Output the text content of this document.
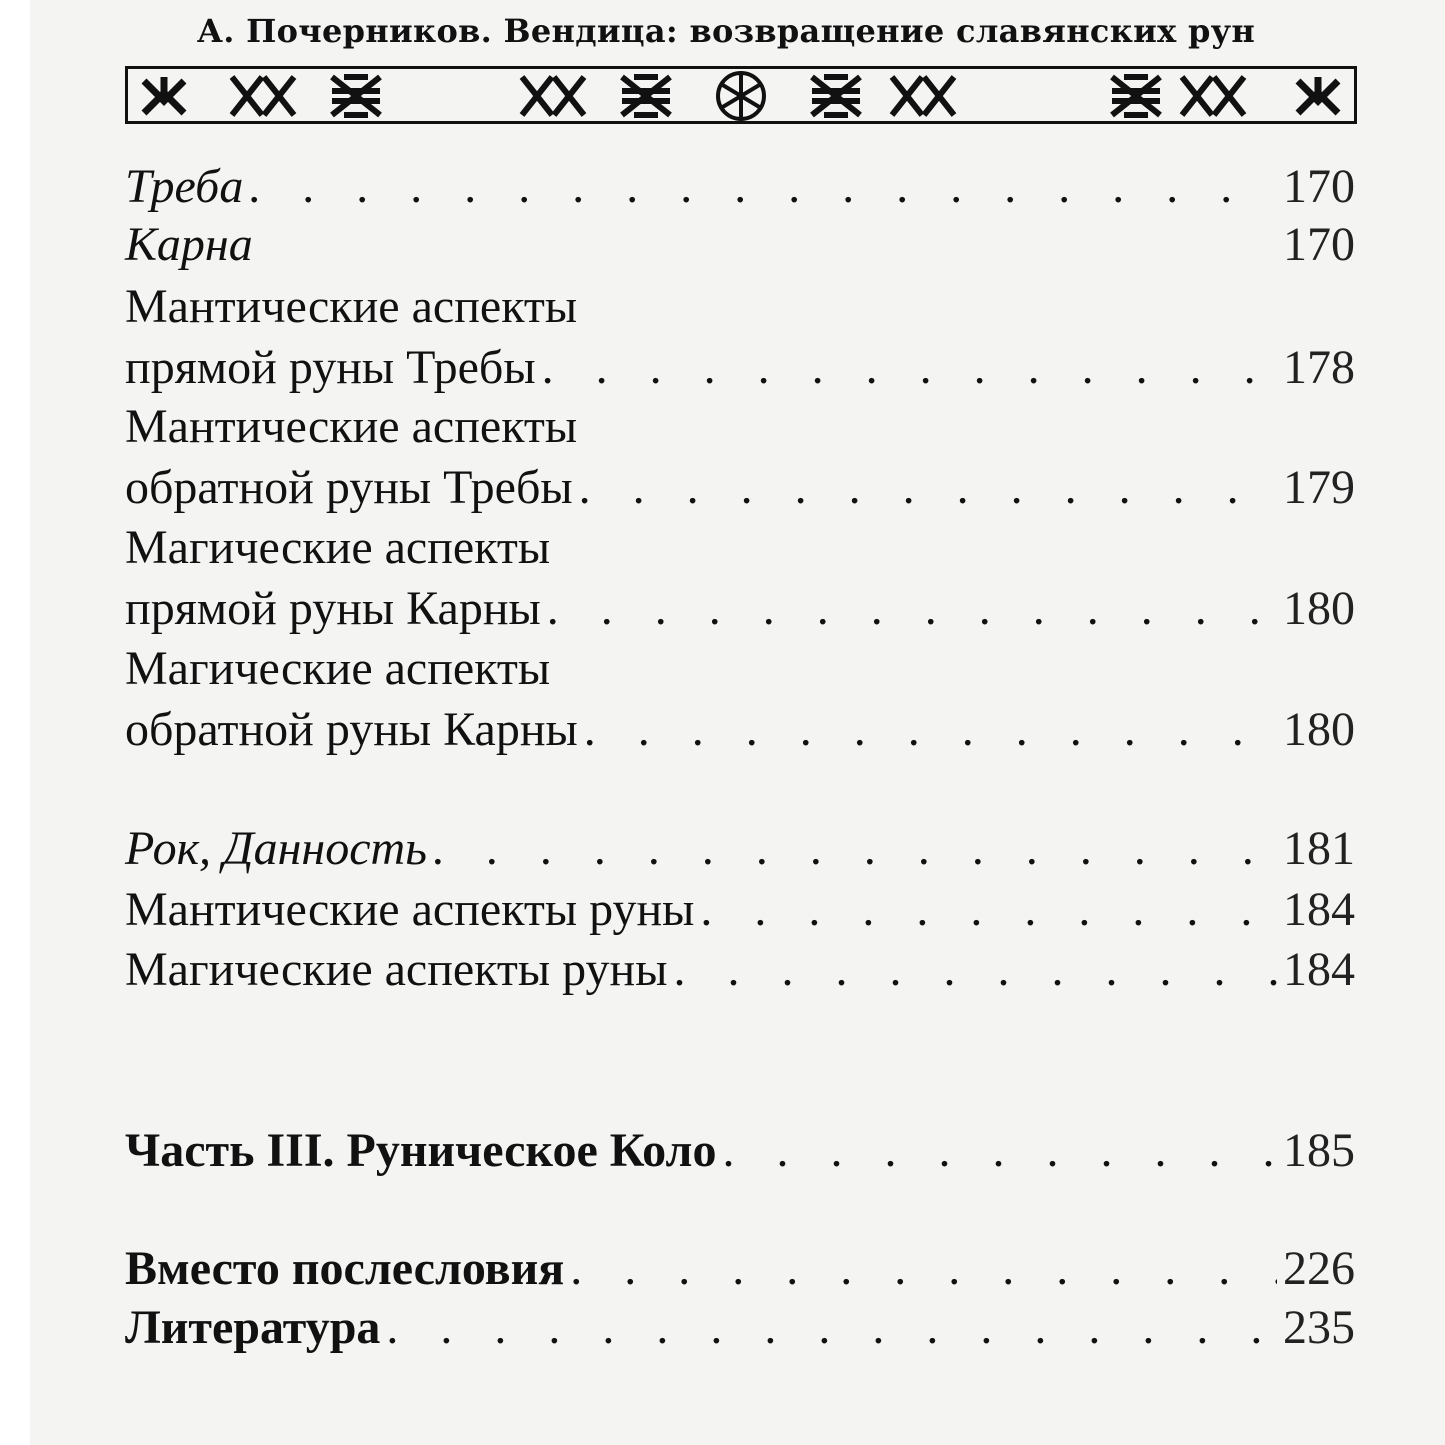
А. Почерников. Вендица: возвращение славянских рун
Треба . . .	170
Карна	170
Мантические аспекты
прямой руны Требы . . .	178
Мантические аспекты
обратной руны Требы . . .	179
Магические аспекты
прямой руны Карны . . .	180
Магические аспекты
обратной руны Карны . . .	180
Рок, Данность . . .	181
Мантические аспекты руны . . .	184
Магические аспекты руны . . .	184
Часть III. Руническое Коло . . .	185
Вместо послесловия . . .	226
Литература . . .	235
